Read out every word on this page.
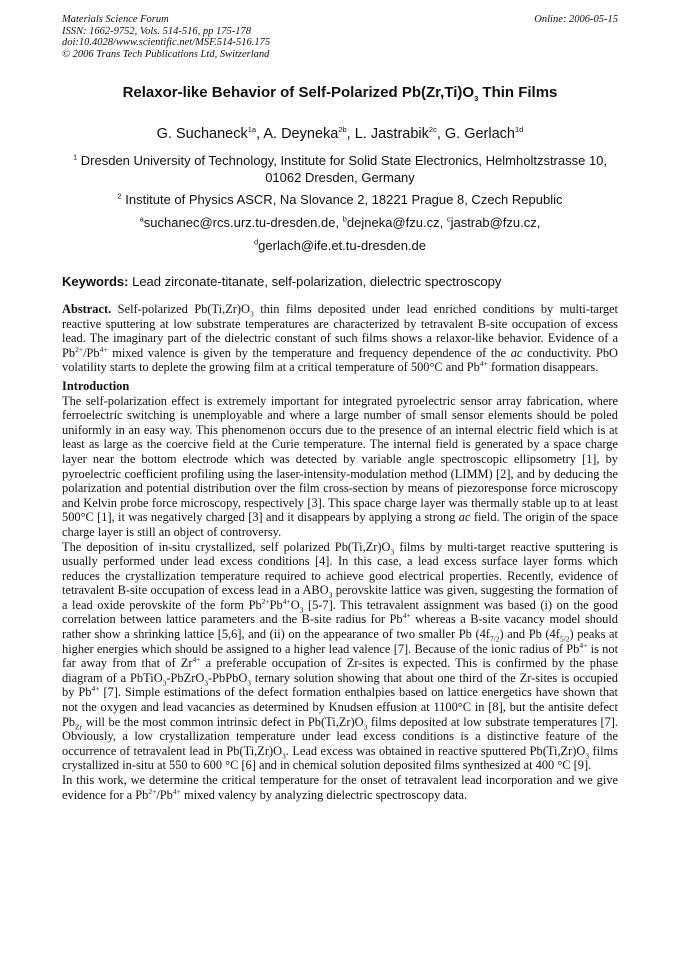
Materials Science Forum
ISSN: 1662-9752, Vols. 514-516, pp 175-178
doi:10.4028/www.scientific.net/MSF.514-516.175
© 2006 Trans Tech Publications Ltd, Switzerland
Online: 2006-05-15
Relaxor-like Behavior of Self-Polarized $Pb(Zr,Ti)O_3$ Thin Films
G. Suchaneck$^{1a}$, A. Deyneka$^{2b}$, L. Jastrabik$^{2c}$, G. Gerlach$^{1d}$
$^1$ Dresden University of Technology, Institute for Solid State Electronics, Helmholtzstrasse 10, 01062 Dresden, Germany
$^2$ Institute of Physics ASCR, Na Slovance 2, 18221 Prague 8, Czech Republic
$^a$suchanec@rcs.urz.tu-dresden.de, $^b$dejneka@fzu.cz, $^c$jastrab@fzu.cz,
$^d$gerlach@ife.et.tu-dresden.de
Keywords: Lead zirconate-titanate, self-polarization, dielectric spectroscopy

Abstract. Self-polarized $Pb(Ti,Zr)O_3$ thin films deposited under lead enriched conditions by multi-target reactive sputtering at low substrate temperatures are characterized by tetravalent B-site occupation of excess lead. The imaginary part of the dielectric constant of such films shows a relaxor-like behavior. Evidence of a $Pb^{2+}/Pb^{4+}$ mixed valence is given by the temperature and frequency dependence of the ac conductivity. PbO volatility starts to deplete the growing film at a critical temperature of 500°C and $Pb^{4+}$ formation disappears.

Introduction

The self-polarization effect is extremely important for integrated pyroelectric sensor array fabrication, where ferroelectric switching is unemployable and where a large number of small sensor elements should be poled uniformly in an easy way. This phenomenon occurs due to the presence of an internal electric field which is at least as large as the coercive field at the Curie temperature. The internal field is generated by a space charge layer near the bottom electrode which was detected by variable angle spectroscopic ellipsometry [1], by pyroelectric coefficient profiling using the laser-intensity-modulation method (LIMM) [2], and by deducing the polarization and potential distribution over the film cross-section by means of piezoresponse force microscopy and Kelvin probe force microscopy, respectively [3]. This space charge layer was thermally stable up to at least 500°C [1], it was negatively charged [3] and it disappears by applying a strong ac field. The origin of the space charge layer is still an object of controversy.

The deposition of in-situ crystallized, self polarized $Pb(Ti,Zr)O_3$ films by multi-target reactive sputtering is usually performed under lead excess conditions [4]. In this case, a lead excess surface layer forms which reduces the crystallization temperature required to achieve good electrical properties. Recently, evidence of tetravalent B-site occupation of excess lead in a $ABO_3$ perovskite lattice was given, suggesting the formation of a lead oxide perovskite of the form $Pb^{2+}Pb^{4+}O_3$ [5-7]. This tetravalent assignment was based (i) on the good correlation between lattice parameters and the B-site radius for $Pb^{4+}$ whereas a B-site vacancy model should rather show a shrinking lattice [5,6], and (ii) on the appearance of two smaller Pb $(4f_{7/2})$ and Pb $(4f_{5/2})$ peaks at higher energies which should be assigned to a higher lead valence [7]. Because of the ionic radius of $Pb^{4+}$ is not far away from that of $Zr^{4+}$ a preferable occupation of Zr-sites is expected. This is confirmed by the phase diagram of a PbTiO$_3$-PbZrO$_3$-PbPbO$_3$ ternary solution showing that about one third of the Zr-sites is occupied by $Pb^{4+}$ [7]. Simple estimations of the defect formation enthalpies based on lattice energetics have shown that not the oxygen and lead vacancies as determined by Knudsen effusion at 1100°C in [8], but the antisite defect $Pb_{Zr}$ will be the most common intrinsic defect in $Pb(Ti,Zr)O_3$ films deposited at low substrate temperatures [7]. Obviously, a low crystallization temperature under lead excess conditions is a distinctive feature of the occurrence of tetravalent lead in $Pb(Ti,Zr)O_3$. Lead excess was obtained in reactive sputtered $Pb(Ti,Zr)O_3$ films crystallized in-situ at 550 to 600 °C [6] and in chemical solution deposited films synthesized at 400 °C [9].

In this work, we determine the critical temperature for the onset of tetravalent lead incorporation and we give evidence for a $Pb^{2+}/Pb^{4+}$ mixed valency by analyzing dielectric spectroscopy data.
